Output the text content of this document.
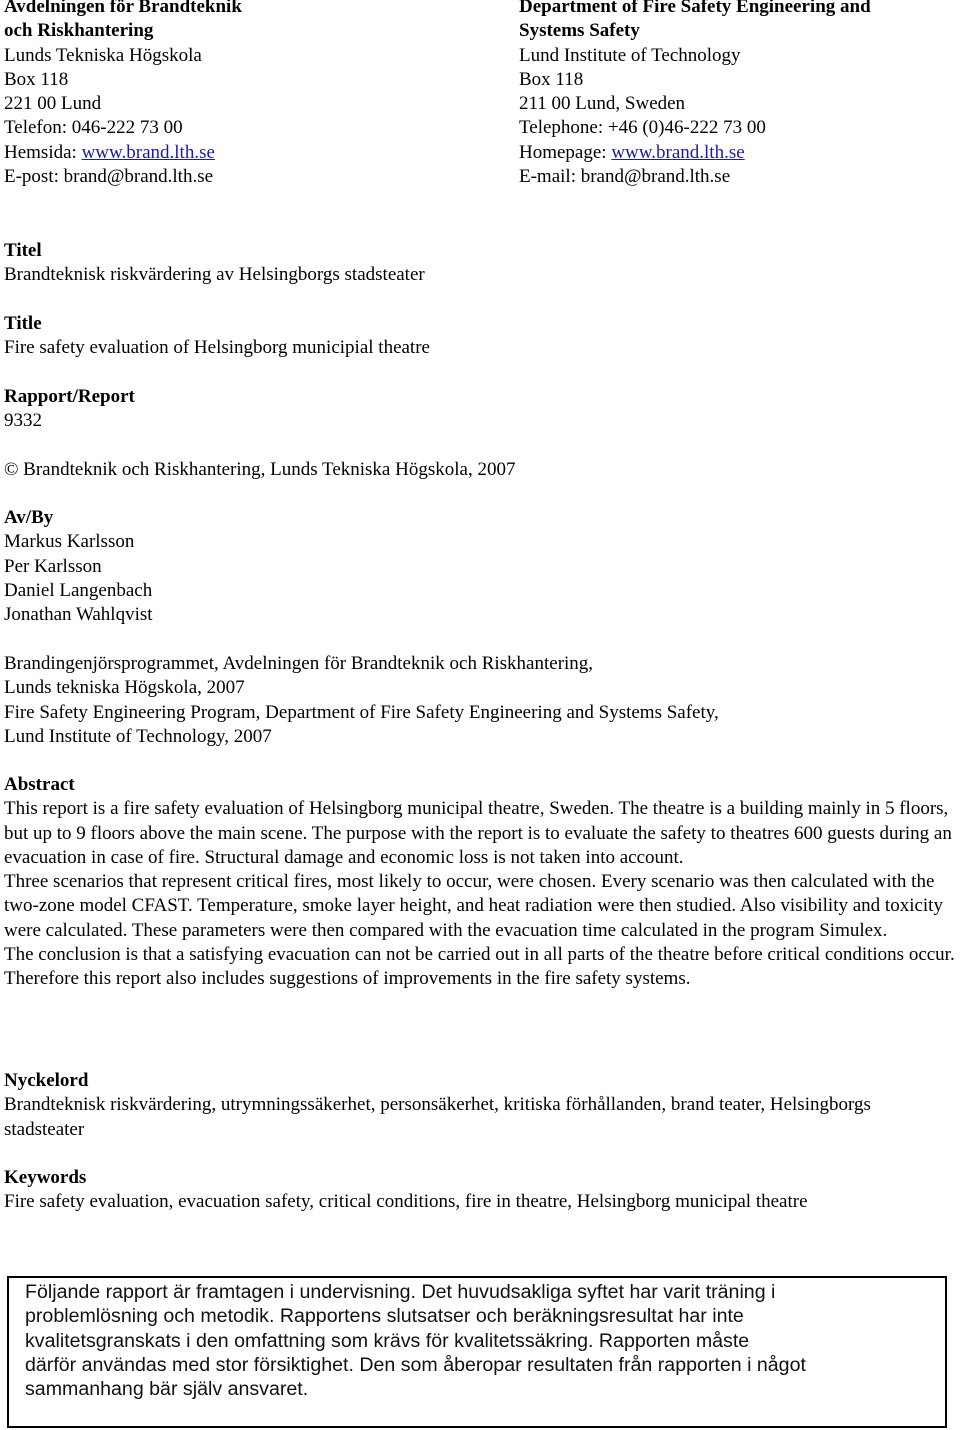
Avdelningen för Brandteknik
och Riskhantering
Lunds Tekniska Högskola
Box 118
221 00 Lund
Telefon: 046-222 73 00
Hemsida: www.brand.lth.se
E-post: brand@brand.lth.se
Department of Fire Safety Engineering and
Systems Safety
Lund Institute of Technology
Box 118
211 00 Lund, Sweden
Telephone: +46 (0)46-222 73 00
Homepage: www.brand.lth.se
E-mail: brand@brand.lth.se
Titel
Brandteknisk riskvärdering av Helsingborgs stadsteater
Title
Fire safety evaluation of Helsingborg municipial theatre
Rapport/Report
9332
© Brandteknik och Riskhantering, Lunds Tekniska Högskola, 2007
Av/By
Markus Karlsson
Per Karlsson
Daniel Langenbach
Jonathan Wahlqvist
Brandingenjörsprogrammet, Avdelningen för Brandteknik och Riskhantering,
Lunds tekniska Högskola, 2007
Fire Safety Engineering Program, Department of Fire Safety Engineering and Systems Safety,
Lund Institute of Technology, 2007
Abstract
This report is a fire safety evaluation of Helsingborg municipal theatre, Sweden. The theatre is a building mainly in 5 floors, but up to 9 floors above the main scene. The purpose with the report is to evaluate the safety to theatres 600 guests during an evacuation in case of fire. Structural damage and economic loss is not taken into account.
Three scenarios that represent critical fires, most likely to occur, were chosen. Every scenario was then calculated with the two-zone model CFAST. Temperature, smoke layer height, and heat radiation were then studied. Also visibility and toxicity were calculated. These parameters were then compared with the evacuation time calculated in the program Simulex.
The conclusion is that a satisfying evacuation can not be carried out in all parts of the theatre before critical conditions occur. Therefore this report also includes suggestions of improvements in the fire safety systems.
Nyckelord
Brandteknisk riskvärdering, utrymningssäkerhet, personsäkerhet, kritiska förhållanden, brand teater, Helsingborgs stadsteater
Keywords
Fire safety evaluation, evacuation safety, critical conditions, fire in theatre, Helsingborg municipal theatre
Följande rapport är framtagen i undervisning. Det huvudsakliga syftet har varit träning i
problemlösning och metodik. Rapportens slutsatser och beräkningsresultat har inte
kvalitetsgranskats i den omfattning som krävs för kvalitetssäkring. Rapporten måste
därför användas med stor försiktighet. Den som åberopar resultaten från rapporten i något
sammanhang bär själv ansvaret.
